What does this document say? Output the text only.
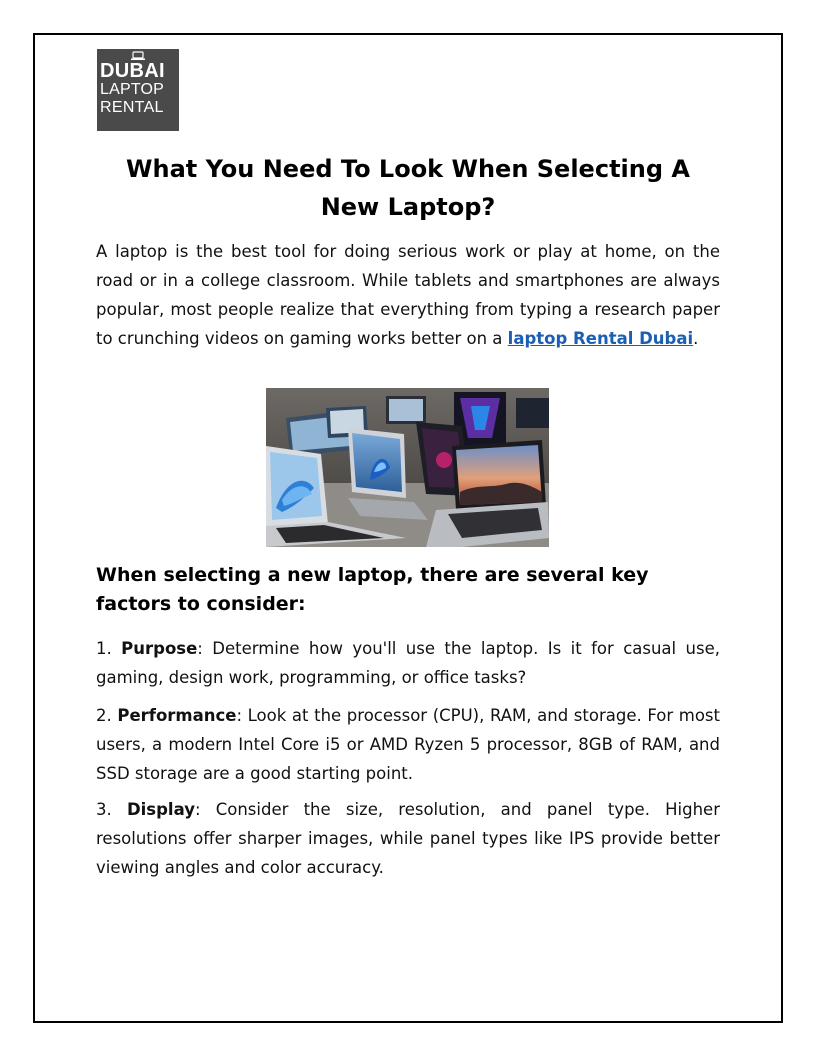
DUBAI
LAPTOP
RENTAL
What You Need To Look When Selecting A New Laptop?

A laptop is the best tool for doing serious work or play at home, on the road or in a college classroom. While tablets and smartphones are always popular, most people realize that everything from typing a research paper to crunching videos on gaming works better on a laptop Rental Dubai.

When selecting a new laptop, there are several key factors to consider:

1. Purpose: Determine how you'll use the laptop. Is it for casual use, gaming, design work, programming, or office tasks?

2. Performance: Look at the processor (CPU), RAM, and storage. For most users, a modern Intel Core i5 or AMD Ryzen 5 processor, 8GB of RAM, and SSD storage are a good starting point.

3. Display: Consider the size, resolution, and panel type. Higher resolutions offer sharper images, while panel types like IPS provide better viewing angles and color accuracy.
